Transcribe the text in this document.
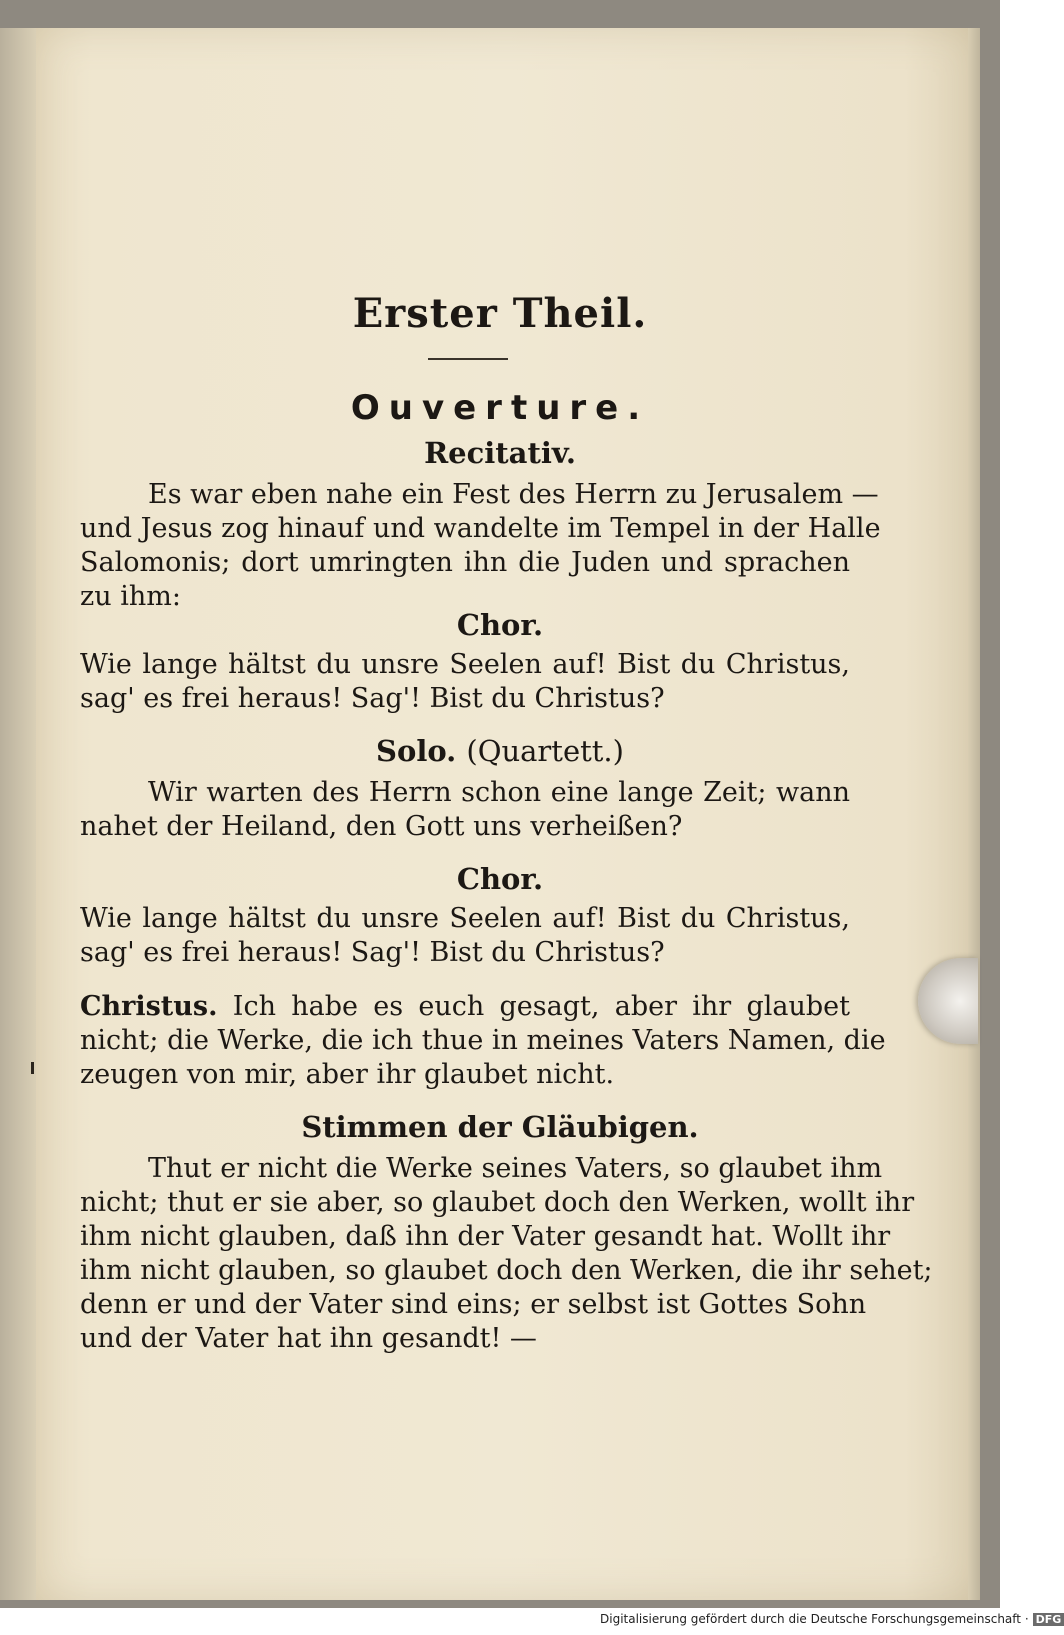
Erster Theil.
Ouverture.
Recitativ.
Es war eben nahe ein Fest des Herrn zu Jerusalem —
und Jesus zog hinauf und wandelte im Tempel in der Halle
Salomonis; dort umringten ihn die Juden und sprachen
zu ihm:
Chor.
Wie lange hältst du unsre Seelen auf! Bist du Christus,
sag' es frei heraus! Sag'! Bist du Christus?
Solo. (Quartett.)
Wir warten des Herrn schon eine lange Zeit; wann
nahet der Heiland, den Gott uns verheißen?
Chor.
Wie lange hältst du unsre Seelen auf! Bist du Christus,
sag' es frei heraus! Sag'! Bist du Christus?
Christus. Ich habe es euch gesagt, aber ihr glaubet
nicht; die Werke, die ich thue in meines Vaters Namen, die
zeugen von mir, aber ihr glaubet nicht.
Stimmen der Gläubigen.
Thut er nicht die Werke seines Vaters, so glaubet ihm
nicht; thut er sie aber, so glaubet doch den Werken, wollt ihr
ihm nicht glauben, daß ihn der Vater gesandt hat. Wollt ihr
ihm nicht glauben, so glaubet doch den Werken, die ihr sehet;
denn er und der Vater sind eins; er selbst ist Gottes Sohn
und der Vater hat ihn gesandt! —
Digitalisierung gefördert durch die Deutsche Forschungsgemeinschaft · DFG
